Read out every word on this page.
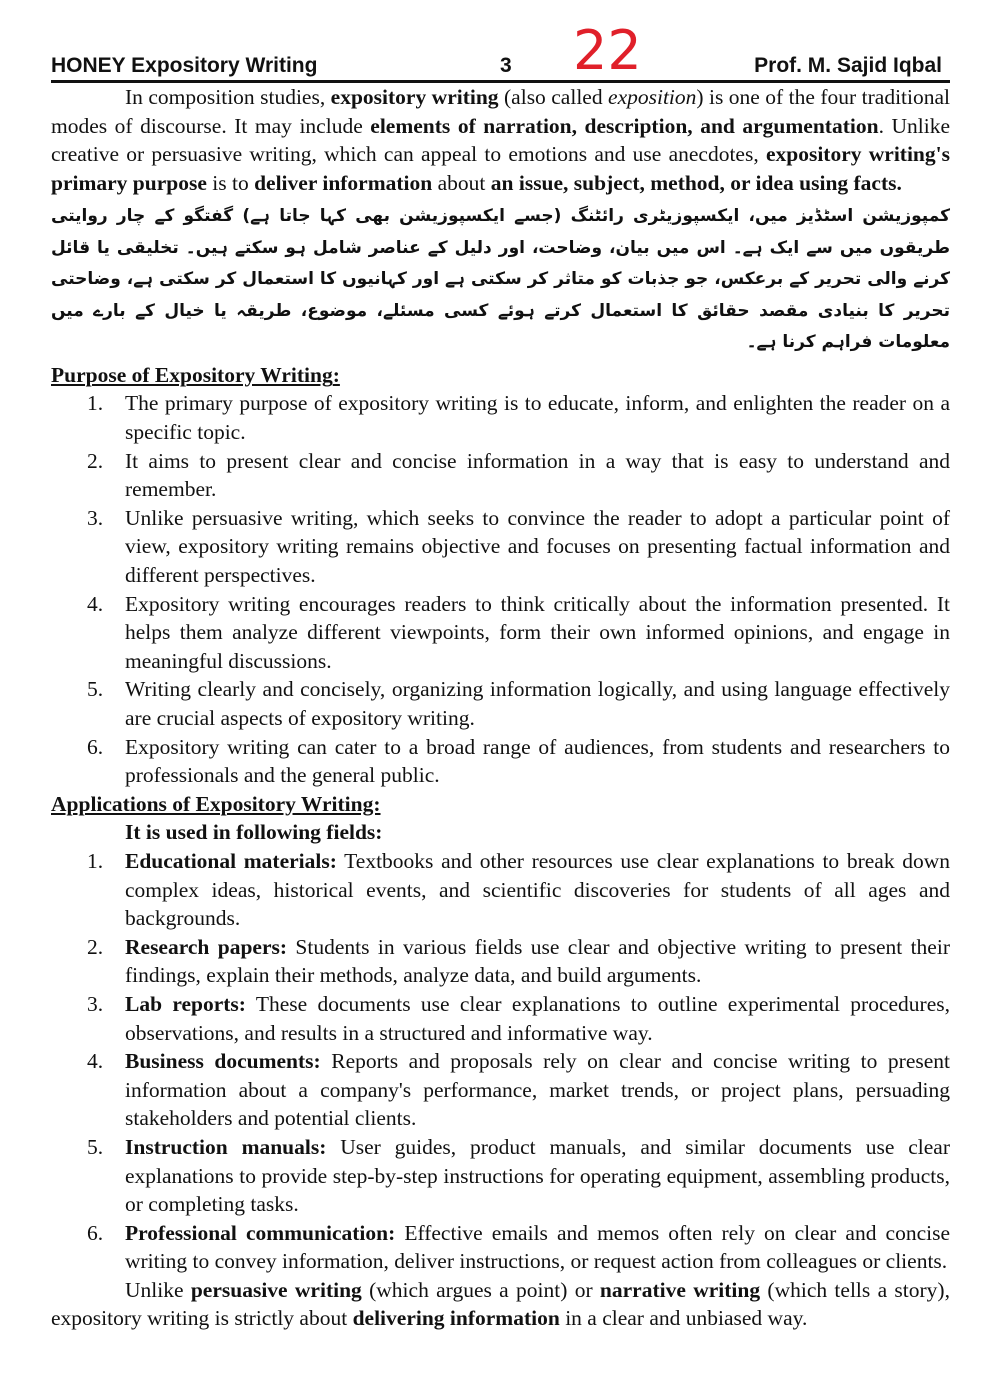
HONEY Expository Writing	3 22	Prof. M. Sajid Iqbal

In composition studies, expository writing (also called exposition) is one of the four traditional modes of discourse. It may include elements of narration, description, and argumentation. Unlike creative or persuasive writing, which can appeal to emotions and use anecdotes, expository writing's primary purpose is to deliver information about an issue, subject, method, or idea using facts.

کمپوزیشن اسٹڈیز میں، ایکسپوزیٹری رائٹنگ (جسے ایکسپوزیشن بھی کہا جاتا ہے) گفتگو کے چار روایتی طریقوں میں سے ایک ہے۔ اس میں بیان، وضاحت، اور دلیل کے عناصر شامل ہو سکتے ہیں۔ تخلیقی یا قائل کرنے والی تحریر کے برعکس، جو جذبات کو متاثر کر سکتی ہے اور کہانیوں کا استعمال کر سکتی ہے، وضاحتی تحریر کا بنیادی مقصد حقائق کا استعمال کرتے ہوئے کسی مسئلے، موضوع، طریقہ یا خیال کے بارے میں معلومات فراہم کرنا ہے۔

Purpose of Expository Writing:

1. The primary purpose of expository writing is to educate, inform, and enlighten the reader on a specific topic.
2. It aims to present clear and concise information in a way that is easy to understand and remember.
3. Unlike persuasive writing, which seeks to convince the reader to adopt a particular point of view, expository writing remains objective and focuses on presenting factual information and different perspectives.
4. Expository writing encourages readers to think critically about the information presented. It helps them analyze different viewpoints, form their own informed opinions, and engage in meaningful discussions.
5. Writing clearly and concisely, organizing information logically, and using language effectively are crucial aspects of expository writing.
6. Expository writing can cater to a broad range of audiences, from students and researchers to professionals and the general public.

Applications of Expository Writing:

It is used in following fields:

1. Educational materials: Textbooks and other resources use clear explanations to break down complex ideas, historical events, and scientific discoveries for students of all ages and backgrounds.
2. Research papers: Students in various fields use clear and objective writing to present their findings, explain their methods, analyze data, and build arguments.
3. Lab reports: These documents use clear explanations to outline experimental procedures, observations, and results in a structured and informative way.
4. Business documents: Reports and proposals rely on clear and concise writing to present information about a company's performance, market trends, or project plans, persuading stakeholders and potential clients.
5. Instruction manuals: User guides, product manuals, and similar documents use clear explanations to provide step-by-step instructions for operating equipment, assembling products, or completing tasks.
6. Professional communication: Effective emails and memos often rely on clear and concise writing to convey information, deliver instructions, or request action from colleagues or clients.

Unlike persuasive writing (which argues a point) or narrative writing (which tells a story), expository writing is strictly about delivering information in a clear and unbiased way.
